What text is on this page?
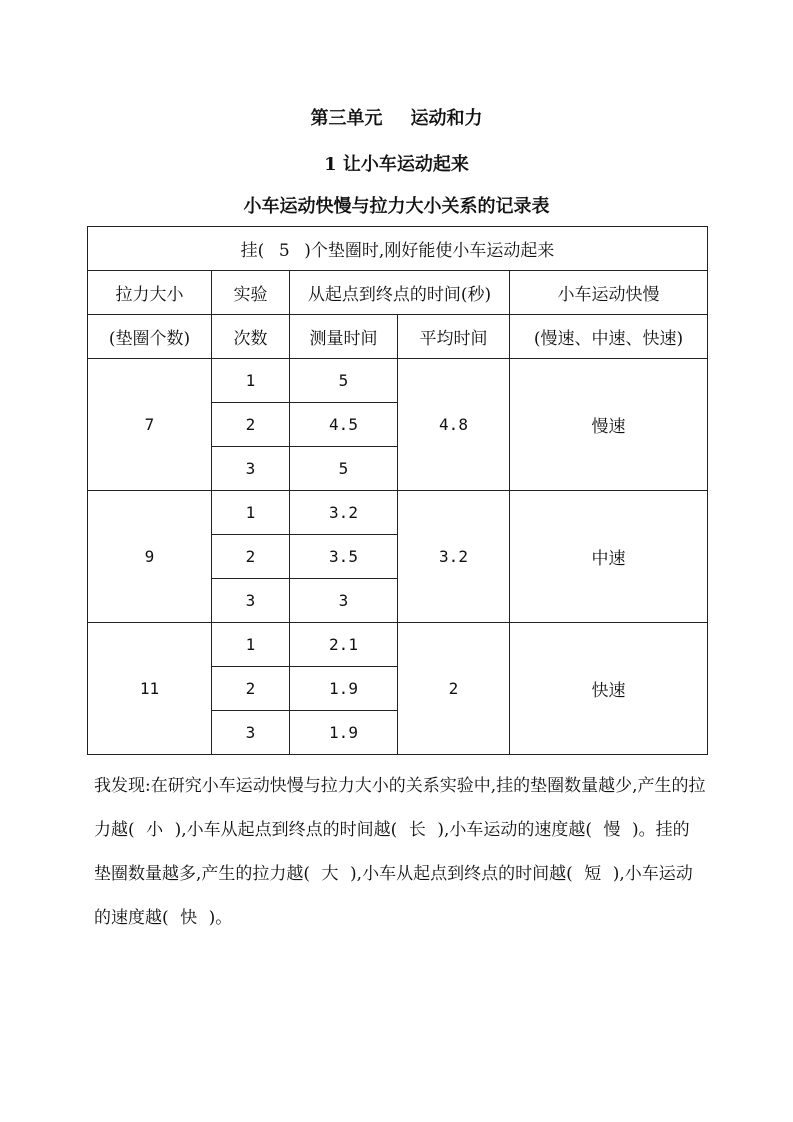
第三单元 运动和力
1 让小车运动起来
小车运动快慢与拉力大小关系的记录表
挂( 5 )个垫圈时,刚好能使小车运动起来				
拉力大小	实验	从起点到终点的时间(秒)		小车运动快慢
(垫圈个数)	次数	测量时间	平均时间	(慢速、中速、快速)
7	1	5	4.8	慢速
	2	4.5		
	3	5		
9	1	3.2	3.2	中速
	2	3.5		
	3	3		
11	1	2.1	2	快速
	2	1.9		
	3	1.9		
我发现:在研究小车运动快慢与拉力大小的关系实验中,挂的垫圈数量越少,产生的拉力越( 小 ),小车从起点到终点的时间越( 长 ),小车运动的速度越( 慢 )。挂的垫圈数量越多,产生的拉力越( 大 ),小车从起点到终点的时间越( 短 ),小车运动的速度越( 快 )。
